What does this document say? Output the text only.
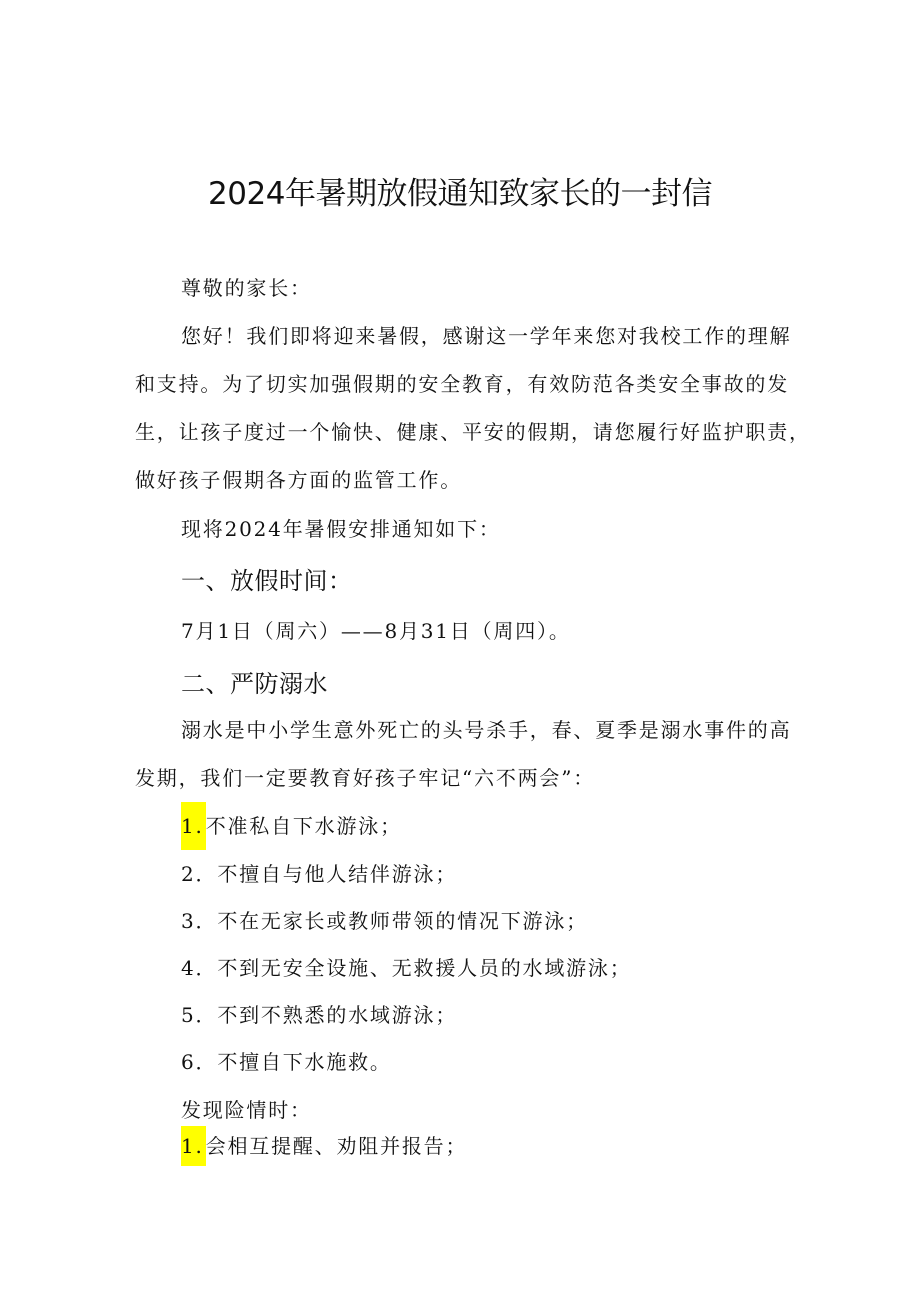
2024年暑期放假通知致家长的一封信
尊敬的家长：
您好！我们即将迎来暑假，感谢这一学年来您对我校工作的理解
和支持。为了切实加强假期的安全教育，有效防范各类安全事故的发
生，让孩子度过一个愉快、健康、平安的假期，请您履行好监护职责，
做好孩子假期各方面的监管工作。
现将2024年暑假安排通知如下：
一、放假时间：
7月1日（周六）——8月31日（周四）。
二、严防溺水
溺水是中小学生意外死亡的头号杀手，春、夏季是溺水事件的高
发期，我们一定要教育好孩子牢记“六不两会”：
1. 不准私自下水游泳；
2．不擅自与他人结伴游泳；
3．不在无家长或教师带领的情况下游泳；
4．不到无安全设施、无救援人员的水域游泳；
5．不到不熟悉的水域游泳；
6．不擅自下水施救。
发现险情时：
1. 会相互提醒、劝阻并报告；
